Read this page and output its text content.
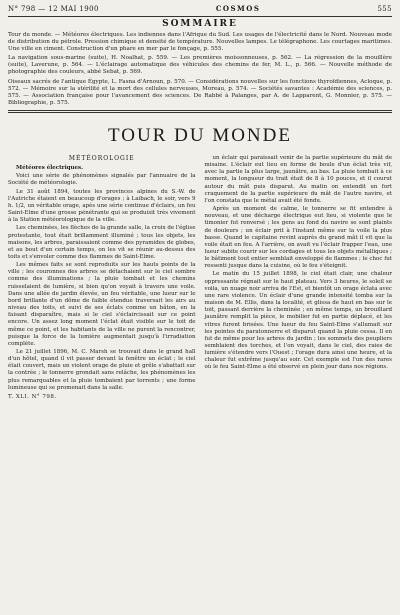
N° 798 — 12 MAI 1900	COSMOS	555
SOMMAIRE

Tour du monde. — Météores électriques. Les indiennes dans l'Afrique du Sud. Les usages de l'électricité dans le Nord. Nouveau mode de distribution du pétrole. Pression chimique et densité de température. Nouvelles lampes. Le télégraphone. Les courtages maritimes. Une ville en ciment. Construction d'un phare en mer par le fonçage, p. 555.

La navigation sous-marine (suite), H. Noalhat, p. 559. — Les premières moissonneuses, p. 562. — La régression de la mouillère (suite), Laverune, p. 564. — L'éclairage automatique des véhicules des chemins de fer, M. L., p. 566. — Nouvelle méthode de photographie des couleurs, abbé Sebat, p. 569.

Oiseaux sacrés de l'antique Égypte, L. Fasna d'Arnoun, p. 570. — Considérations nouvelles sur les fonctions thyroïdiennes, Acloque, p. 572. — Mémoire sur la stérilité et la mort des cellules nerveuses, Moreau, p. 574. — Sociétés savantes : Académie des sciences, p. 575. — Association française pour l'avancement des sciences. De Rabbé à Palanges, par A. de Lapparent, G. Monnier, p. 575. — Bibliographie, p. 575.

TOUR DU MONDE

MÉTÉOROLOGIE

Météores électriques.

Voici une série de phénomènes signalés par l'annuaire de la Société de météorologie.

Le 31 août 1894, toutes les provinces alpines du S.-W. de l'Autriche étaient en beaucoup d'orages ; à Laibach, le soir, vers 9 h. 1/2, un véritable orage, apès une série continue d'éclairs, un feu Saint-Elme d'une grosse pénétrante qui se produisit très vivement à la Station météorologique de la ville.

Les cheminées, les flèches de la grande salle, la croix de l'église protestante, tout était brillamment illuminé ; tous les objets, les maisons, les arbres, paraissaient comme des pyramides de globes, et au bout d'un certain temps, on les vit se réunir au-dessus des toits et s'envoler comme des flammes de Saint-Elme.

Les mêmes faits se sont reproduits sur les hauts points de la ville ; les couronnes des arbres se détachaient sur le ciel sombre comme des illuminations ; la pluie tombait et les chemins ruisselaient de lumière, si bien qu'on voyait à travers une voile. Dans une allée de jardin élevée, un feu véritable, une lueur sur le bord brillante d'un dôme de faible étendue traversait les airs au niveau des toits, et suivi de ses éclats comme un bâton, en la faisant disparaître, mais si le ciel s'éclaircissait sur ce point encore. Un assez long moment l'éclat était visible sur le toit de même ce point, et les habitants de la ville ne purent la rencontrer, puisque la force de la lumière augmentait jusqu'à l'irradiation complète.

Le 21 juillet 1896, M. C. Marsh se trouvait dans le grand hall d'un hôtel, quand il vit passer devant la fenêtre un éclat ; le ciel était couvert, mais un violent orage de pluie et grêle s'abattait sur la contrée ; le tonnerre grondait sans relâche, les phénomènes les plus remarquables et la pluie tombaient par torrents ; une forme lumineuse qui se promenait dans la salle.

T. XLI. N° 798.

un éclair qui paraissait venir de la partie supérieure du mât de misaine. L'éclair eut lieu en forme de boule d'un éclat très vif, avec la partie la plus large, jaunâtre, au bas. La pluie tombait à ce moment, la longueur du trait était de 8 à 10 pouces, et il courut autour du mât puis disparut. Au matin on entendit un fort craquement de la partie supérieure du mât de l'autre navire, et l'on constata que le métal avait été fondu.

Après un moment de calme, le tonnerre se fit entendre à nouveau, et une décharge électrique eut lieu, si violente que le timonier fut renversé ; les gens au fond du navire se sont plaints de douleurs ; un éclair prit à l'instant même sur la voile la plus basse. Quand le capitaine revint auprès du grand mât il vit que la voile était en feu. A l'arrière, on avait vu l'éclair frapper l'eau, une lueur subite courir sur les cordages et tous les objets métalliques ; le bâtiment tout entier semblait enveloppé de flammes ; le choc fut ressenti jusque dans la cuisine, où le feu s'éteignit.

Le matin du 15 juillet 1898, le ciel était clair, une chaleur oppressante régnait sur le haut plateau. Vers 3 heures, le soleil se voila, un nuage noir arriva de l'Est, et bientôt un orage éclata avec une rare violence. Un éclair d'une grande intensité tomba sur la maison de M. Ellis, dans la localité, et glissa de haut en bas sur le toit, passant derrière la cheminée ; en même temps, un brouillard jaunâtre remplit la pièce, le mobilier fut en partie déplacé, et les vitres furent brisées. Une lueur du feu Saint-Elme s'allumait sur les pointes du paratonnerre et disparut quand la pluie cessa. Il en fut de même pour les arbres du jardin ; les sommets des peupliers semblaient des torches, et l'on voyait, dans le ciel, des raies de lumière s'étendre vers l'Ouest ; l'orage dura ainsi une heure, et la chaleur fut extrême jusqu'au soir. Cet exemple est l'un des rares où le feu Saint-Elme a été observé en plein jour dans nos régions.
